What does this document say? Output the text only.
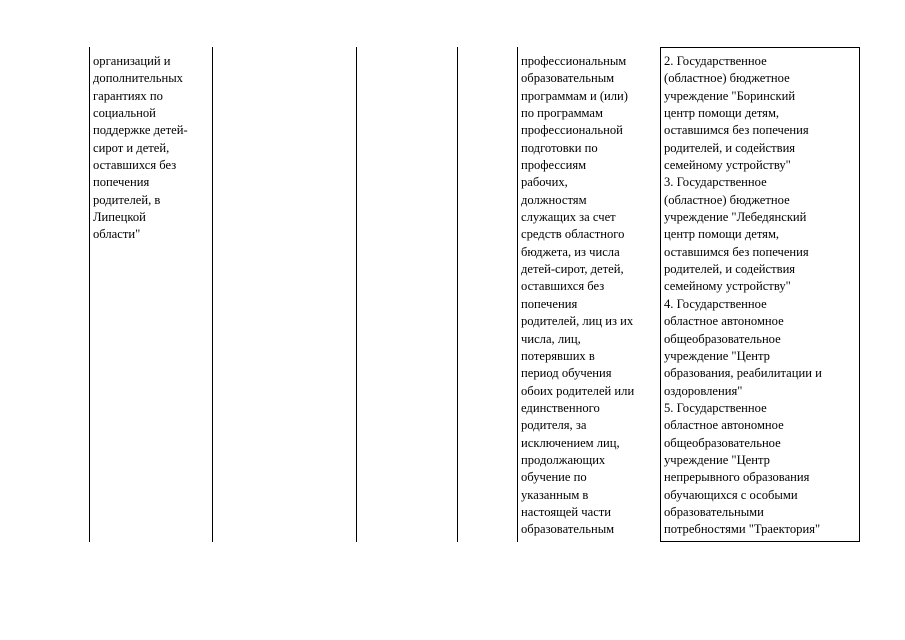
организаций и
дополнительных
гарантиях по
социальной
поддержке детей-
сирот и детей,
оставшихся без
попечения
родителей, в
Липецкой
области"
профессиональным
образовательным
программам и (или)
по программам
профессиональной
подготовки по
профессиям
рабочих,
должностям
служащих за счет
средств областного
бюджета, из числа
детей-сирот, детей,
оставшихся без
попечения
родителей, лиц из их
числа, лиц,
потерявших в
период обучения
обоих родителей или
единственного
родителя, за
исключением лиц,
продолжающих
обучение по
указанным в
настоящей части
образовательным
2. Государственное
(областное) бюджетное
учреждение "Боринский
центр помощи детям,
оставшимся без попечения
родителей, и содействия
семейному устройству"
3. Государственное
(областное) бюджетное
учреждение "Лебедянский
центр помощи детям,
оставшимся без попечения
родителей, и содействия
семейному устройству"
4. Государственное
областное автономное
общеобразовательное
учреждение "Центр
образования, реабилитации и
оздоровления"
5. Государственное
областное автономное
общеобразовательное
учреждение "Центр
непрерывного образования
обучающихся с особыми
образовательными
потребностями "Траектория"
